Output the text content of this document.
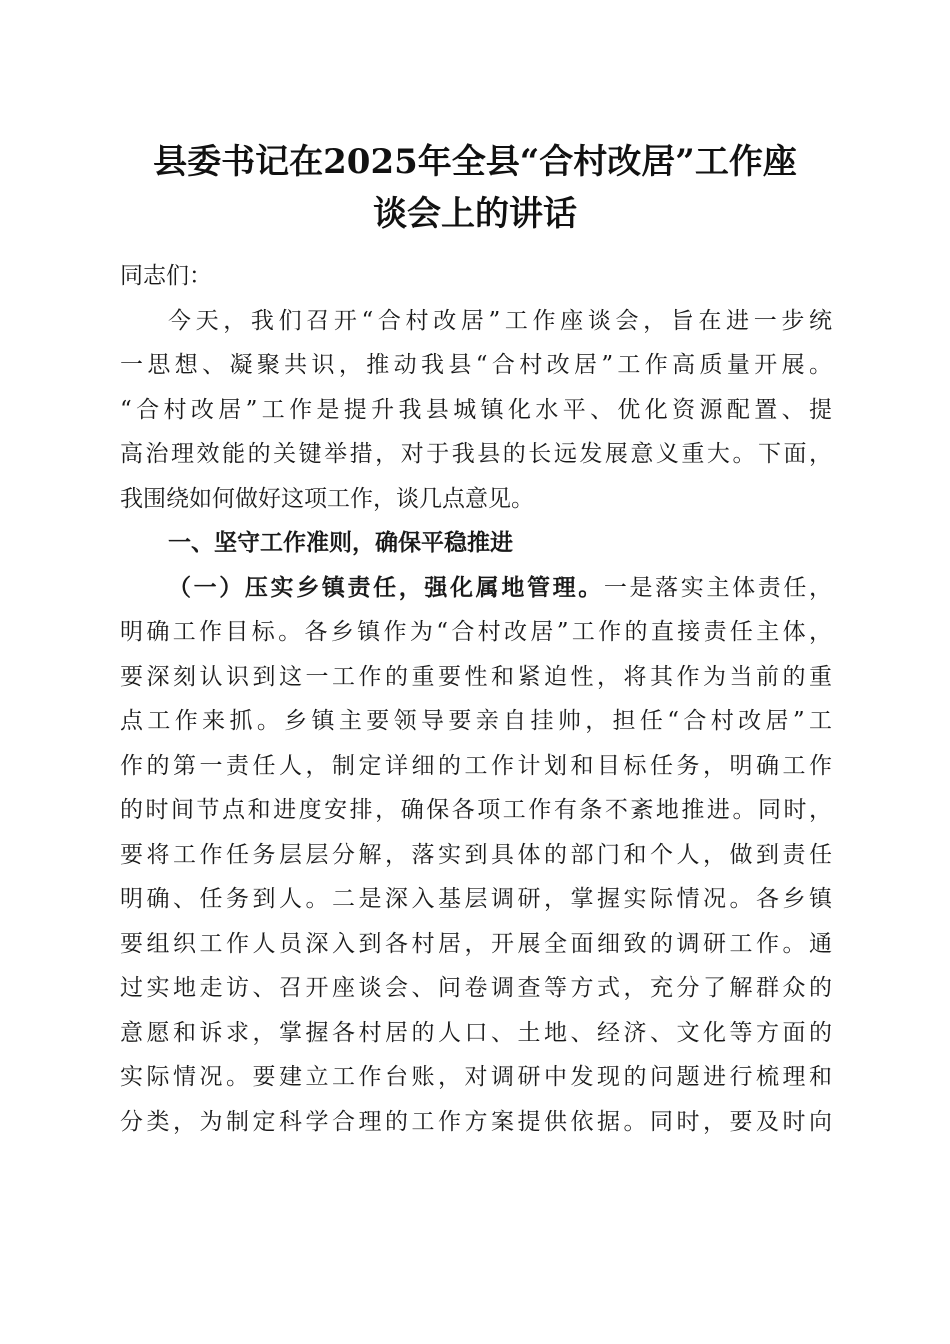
县委书记在2025年全县“合村改居”工作座
谈会上的讲话
同志们：
今天，我们召开“合村改居”工作座谈会，旨在进一步统
一思想、凝聚共识，推动我县“合村改居”工作高质量开展。
“合村改居”工作是提升我县城镇化水平、优化资源配置、提
高治理效能的关键举措，对于我县的长远发展意义重大。下面，
我围绕如何做好这项工作，谈几点意见。
一、坚守工作准则，确保平稳推进
（一）压实乡镇责任，强化属地管理。一是落实主体责任，
明确工作目标。各乡镇作为“合村改居”工作的直接责任主体，
要深刻认识到这一工作的重要性和紧迫性，将其作为当前的重
点工作来抓。乡镇主要领导要亲自挂帅，担任“合村改居”工
作的第一责任人，制定详细的工作计划和目标任务，明确工作
的时间节点和进度安排，确保各项工作有条不紊地推进。同时，
要将工作任务层层分解，落实到具体的部门和个人，做到责任
明确、任务到人。二是深入基层调研，掌握实际情况。各乡镇
要组织工作人员深入到各村居，开展全面细致的调研工作。通
过实地走访、召开座谈会、问卷调查等方式，充分了解群众的
意愿和诉求，掌握各村居的人口、土地、经济、文化等方面的
实际情况。要建立工作台账，对调研中发现的问题进行梳理和
分类，为制定科学合理的工作方案提供依据。同时，要及时向
